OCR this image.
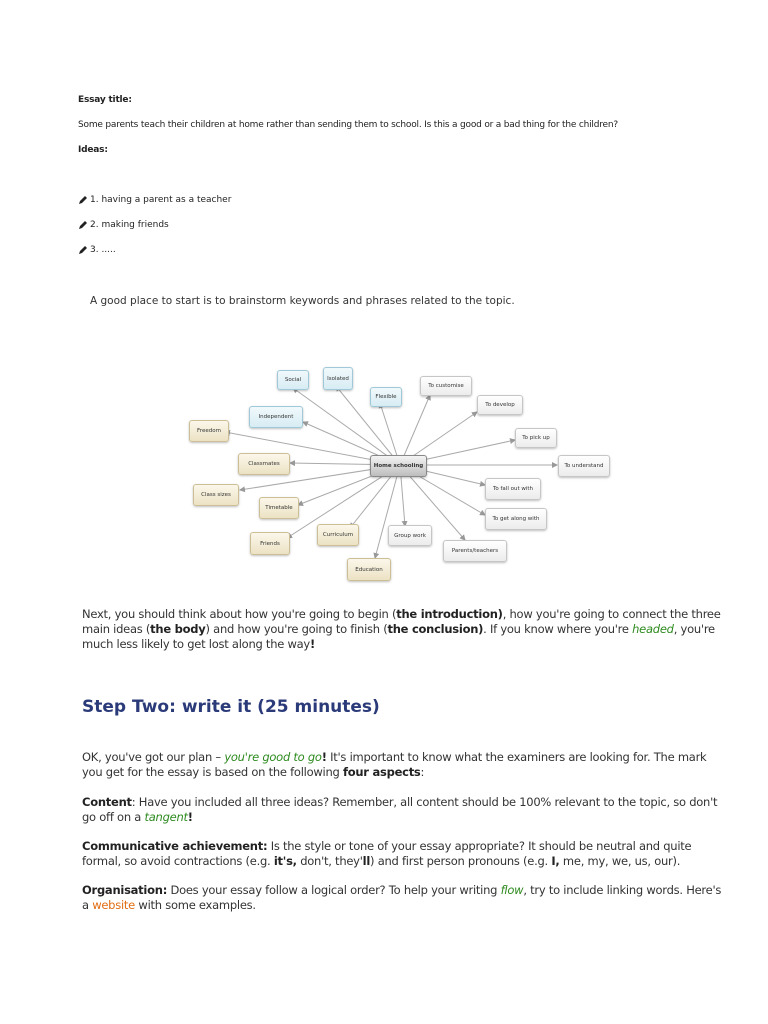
Essay title:
Some parents teach their children at home rather than sending them to school. Is this a good or a bad thing for the children?
Ideas:
1. having a parent as a teacher
2. making friends
3. .....
A good place to start is to brainstorm keywords and phrases related to the topic.
Home schooling
Social	Isolated
Flexible
To customise
To develop
Independent
Freedom
To pick up
To understand
Classmates
To fall out with
Class sizes
Timetable
To get along with
Friends
Curriculum	Group work
Parents/teachers
Education
Next, you should think about how you're going to begin (the introduction), how you're going to connect the three main ideas (the body) and how you're going to finish (the conclusion). If you know where you're headed, you're much less likely to get lost along the way!
Step Two: write it (25 minutes)
OK, you've got our plan – you're good to go! It's important to know what the examiners are looking for. The mark you get for the essay is based on the following four aspects:
Content: Have you included all three ideas? Remember, all content should be 100% relevant to the topic, so don't go off on a tangent!
Communicative achievement: Is the style or tone of your essay appropriate? It should be neutral and quite formal, so avoid contractions (e.g. it's, don't, they'll) and first person pronouns (e.g. I, me, my, we, us, our).
Organisation: Does your essay follow a logical order? To help your writing flow, try to include linking words. Here's a website with some examples.
